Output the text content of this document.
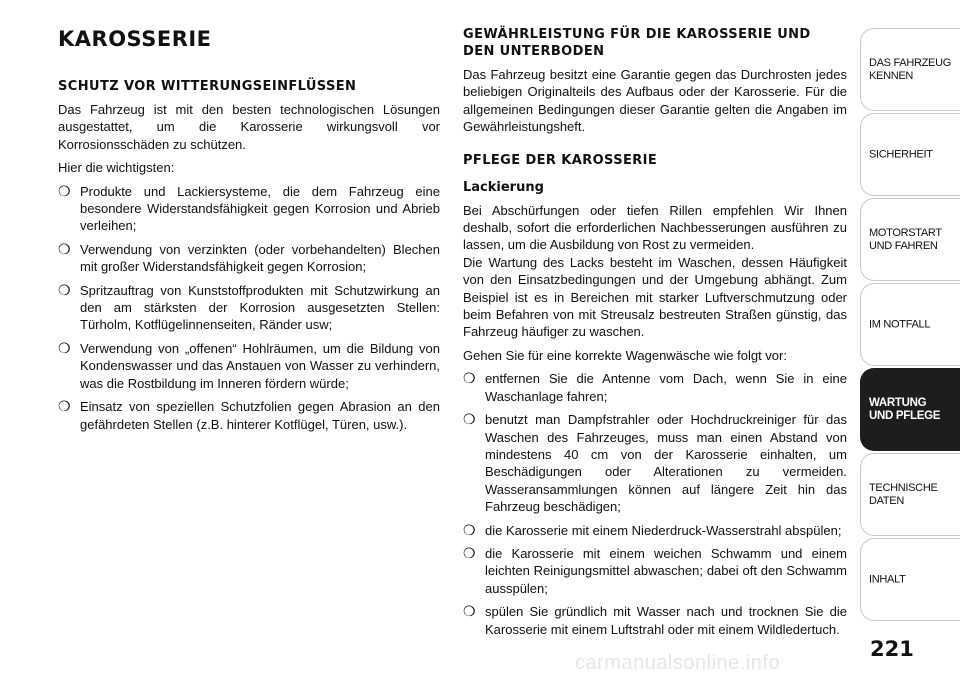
KAROSSERIE
SCHUTZ VOR WITTERUNGSEINFLÜSSEN

Das Fahrzeug ist mit den besten technologischen Lösungen ausgestattet, um die Karosserie wirkungsvoll vor Korrosionsschäden zu schützen.

Hier die wichtigsten:

❍ Produkte und Lackiersysteme, die dem Fahrzeug eine besondere Widerstandsfähigkeit gegen Korrosion und Abrieb verleihen;
❍ Verwendung von verzinkten (oder vorbehandelten) Blechen mit großer Widerstandsfähigkeit gegen Korrosion;
❍ Spritzauftrag von Kunststoffprodukten mit Schutzwirkung an den am stärksten der Korrosion ausgesetzten Stellen: Türholm, Kotflügelinnenseiten, Ränder usw;
❍ Verwendung von „offenen“ Hohlräumen, um die Bildung von Kondenswasser und das Anstauen von Wasser zu verhindern, was die Rostbildung im Inneren fördern würde;
❍ Einsatz von speziellen Schutzfolien gegen Abrasion an den gefährdeten Stellen (z.B. hinterer Kotflügel, Türen, usw.).
GEWÄHRLEISTUNG FÜR DIE KAROSSERIE UND DEN UNTERBODEN

Das Fahrzeug besitzt eine Garantie gegen das Durchrosten jedes beliebigen Originalteils des Aufbaus oder der Karosserie. Für die allgemeinen Bedingungen dieser Garantie gelten die Angaben im Gewährleistungsheft.

PFLEGE DER KAROSSERIE
Lackierung

Bei Abschürfungen oder tiefen Rillen empfehlen Wir Ihnen deshalb, sofort die erforderlichen Nachbesserungen ausführen zu lassen, um die Ausbildung von Rost zu vermeiden.

Die Wartung des Lacks besteht im Waschen, dessen Häufigkeit von den Einsatzbedingungen und der Umgebung abhängt. Zum Beispiel ist es in Bereichen mit starker Luftverschmutzung oder beim Befahren von mit Streusalz bestreuten Straßen günstig, das Fahrzeug häufiger zu waschen.

Gehen Sie für eine korrekte Wagenwäsche wie folgt vor:

❍ entfernen Sie die Antenne vom Dach, wenn Sie in eine Waschanlage fahren;
❍ benutzt man Dampfstrahler oder Hochdruckreiniger für das Waschen des Fahrzeuges, muss man einen Abstand von mindestens 40 cm von der Karosserie einhalten, um Beschädigungen oder Alterationen zu vermeiden. Wasseransammlungen können auf längere Zeit hin das Fahrzeug beschädigen;
❍ die Karosserie mit einem Niederdruck-Wasserstrahl abspülen;
❍ die Karosserie mit einem weichen Schwamm und einem leichten Reinigungsmittel abwaschen; dabei oft den Schwamm ausspülen;
❍ spülen Sie gründlich mit Wasser nach und trocknen Sie die Karosserie mit einem Luftstrahl oder mit einem Wildledertuch.
DAS FAHRZEUG
KENNEN
SICHERHEIT
MOTORSTART
UND FAHREN
IM NOTFALL
WARTUNG
UND PFLEGE
TECHNISCHE
DATEN
INHALT
221
carmanualsonline.info
